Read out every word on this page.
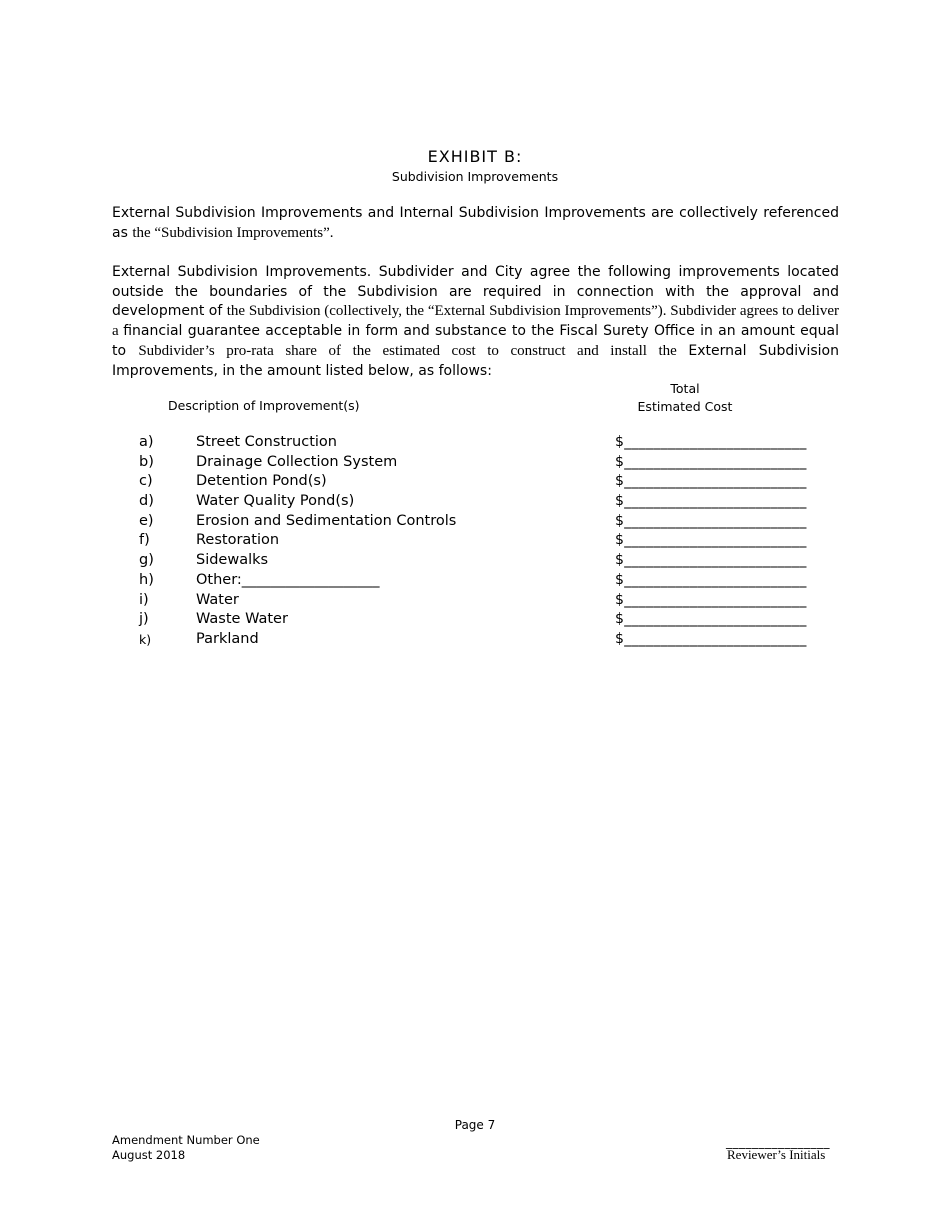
EXHIBIT B:
Subdivision Improvements
External Subdivision Improvements and Internal Subdivision Improvements are collectively referenced as the “Subdivision Improvements”.
External Subdivision Improvements. Subdivider and City agree the following improvements located outside the boundaries of the Subdivision are required in connection with the approval and development of the Subdivision (collectively, the “External Subdivision Improvements”). Subdivider agrees to deliver a financial guarantee acceptable in form and substance to the Fiscal Surety Office in an amount equal to Subdivider’s pro-rata share of the estimated cost to construct and install the External Subdivision Improvements, in the amount listed below, as follows:
Total
Estimated Cost
Description of Improvement(s)
a)	Street Construction	$_________________________
b)	Drainage Collection System	$_________________________
c)	Detention Pond(s)	$_________________________
d)	Water Quality Pond(s)	$_________________________
e)	Erosion and Sedimentation Controls	$_________________________
f)	Restoration	$_________________________
g)	Sidewalks	$_________________________
h)	Other:___________________	$_________________________
i)	Water	$_________________________
j)	Waste Water	$_________________________
k)	Parkland	$_________________________
Page 7
Amendment Number One
August 2018
________________
Reviewer’s Initials
